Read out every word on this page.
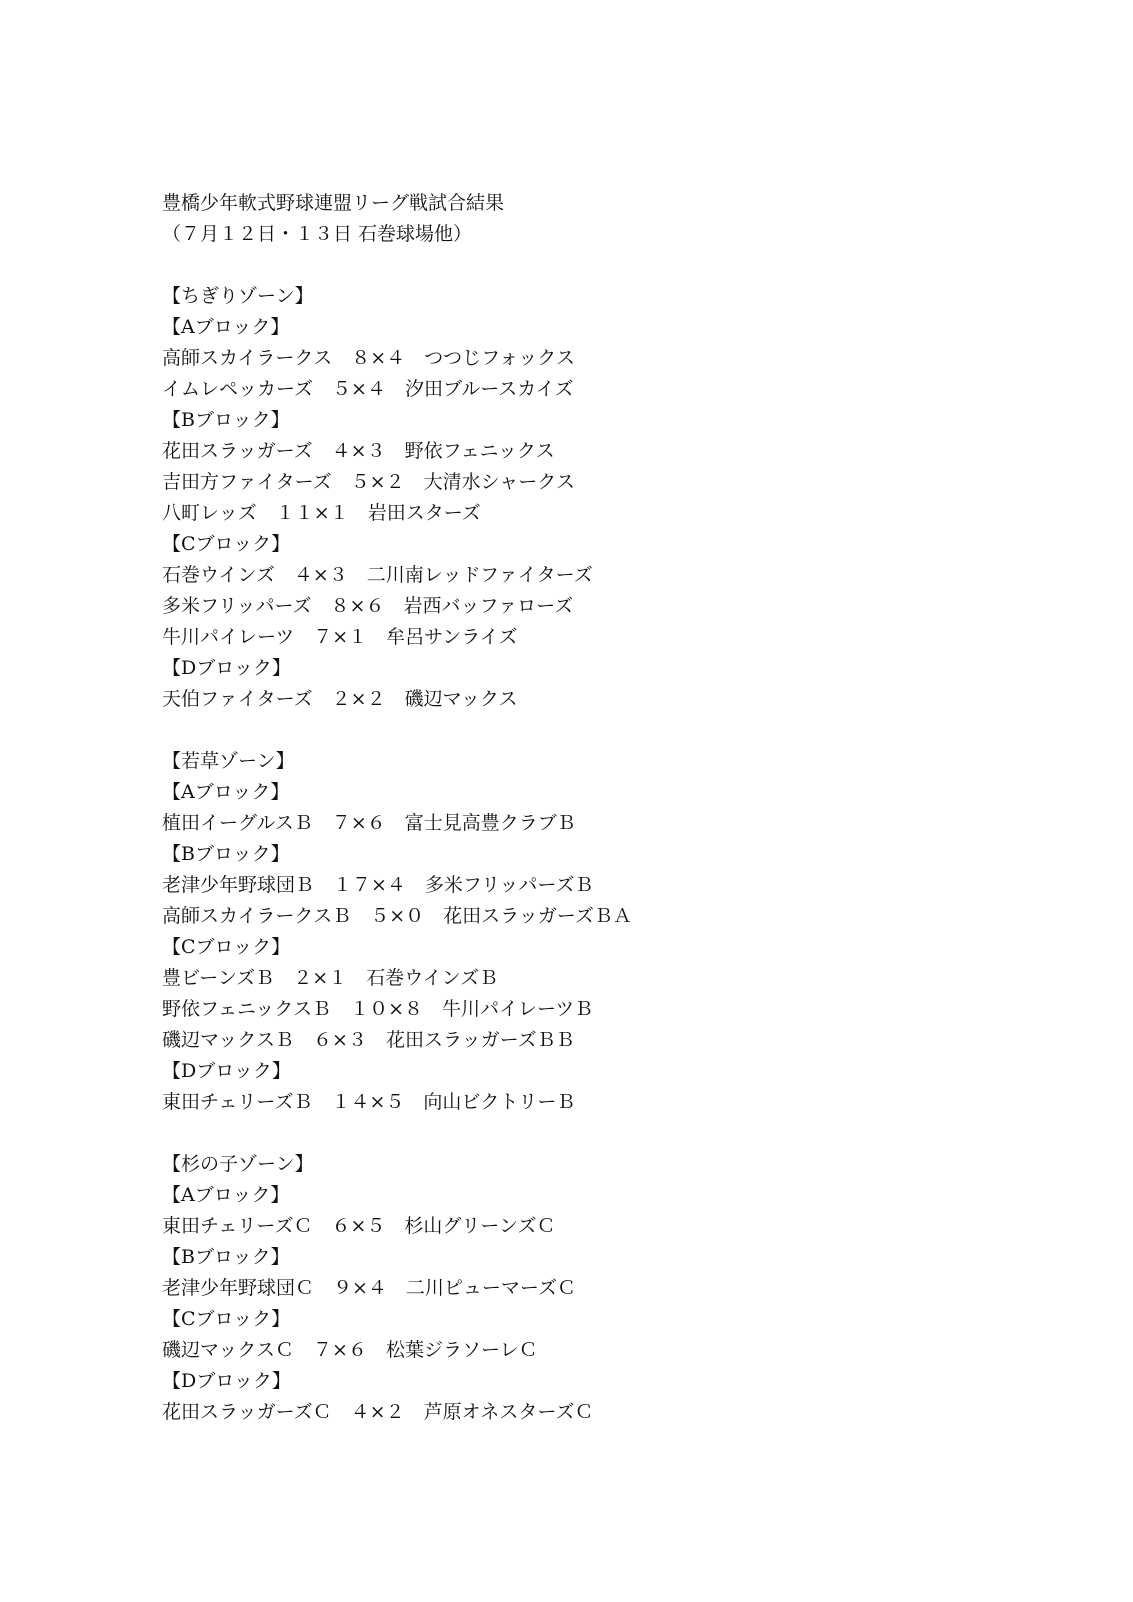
豊橋少年軟式野球連盟リーグ戦試合結果
（７月１２日・１３日 石巻球場他）
【ちぎりゾーン】
【Aブロック】
高師スカイラークス　８×４　つつじフォックス
イムレペッカーズ　５×４　汐田ブルースカイズ
【Bブロック】
花田スラッガーズ　４×３　野依フェニックス
吉田方ファイターズ　５×２　大清水シャークス
八町レッズ　１１×１　岩田スターズ
【Cブロック】
石巻ウインズ　４×３　二川南レッドファイターズ
多米フリッパーズ　８×６　岩西バッファローズ
牛川パイレーツ　７×１　牟呂サンライズ
【Dブロック】
天伯ファイターズ　２×２　磯辺マックス
【若草ゾーン】
【Aブロック】
植田イーグルスＢ　７×６　富士見高豊クラブＢ
【Bブロック】
老津少年野球団Ｂ　１７×４　多米フリッパーズＢ
高師スカイラークスＢ　５×０　花田スラッガーズＢＡ
【Cブロック】
豊ビーンズＢ　２×１　石巻ウインズＢ
野依フェニックスＢ　１０×８　牛川パイレーツＢ
磯辺マックスＢ　６×３　花田スラッガーズＢＢ
【Dブロック】
東田チェリーズＢ　１４×５　向山ビクトリーＢ
【杉の子ゾーン】
【Aブロック】
東田チェリーズＣ　６×５　杉山グリーンズＣ
【Bブロック】
老津少年野球団Ｃ　９×４　二川ピューマーズＣ
【Cブロック】
磯辺マックスＣ　７×６　松葉ジラソーレＣ
【Dブロック】
花田スラッガーズＣ　４×２　芦原オネスターズＣ
